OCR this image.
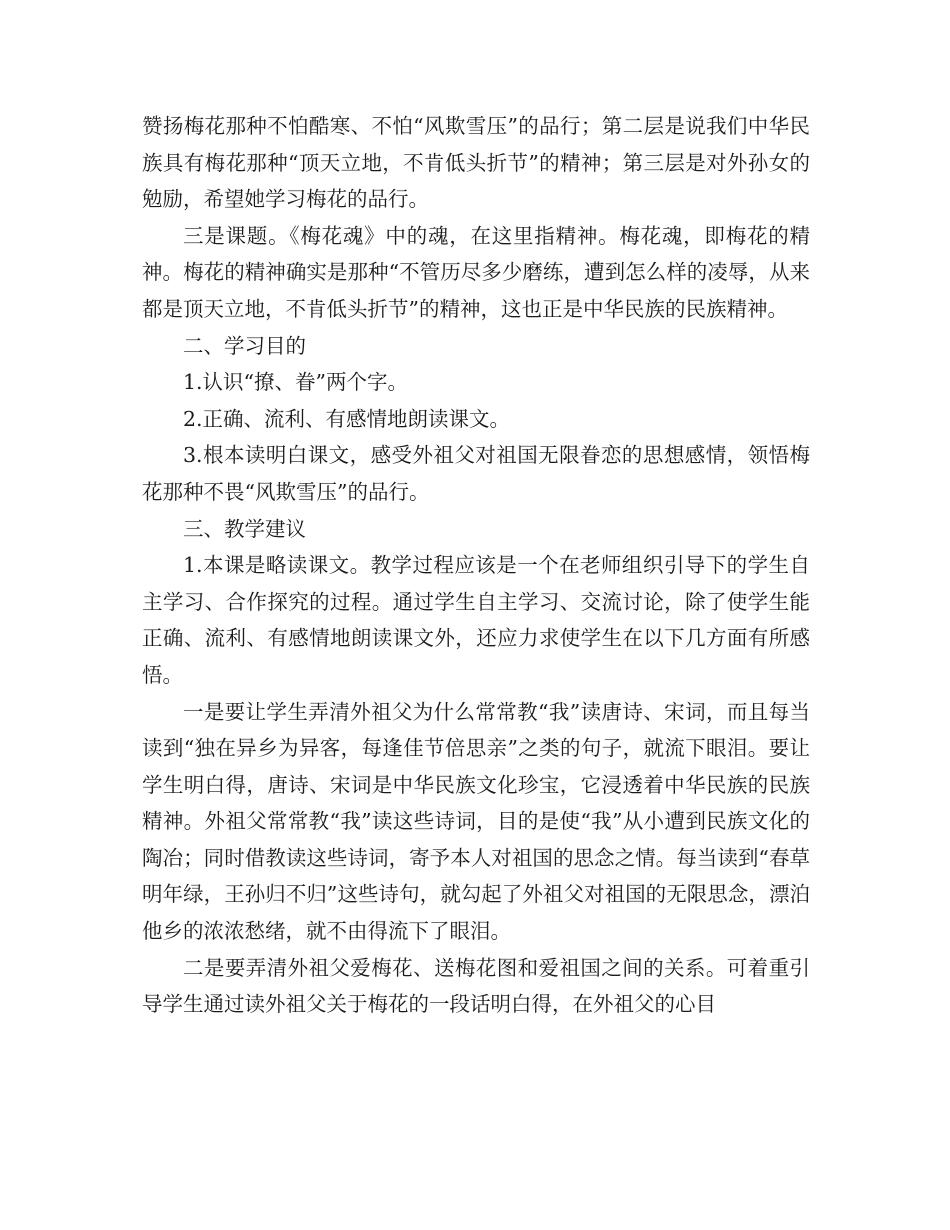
赞扬梅花那种不怕酷寒、不怕“风欺雪压”的品行；第二层是说我们中华民族具有梅花那种“顶天立地，不肯低头折节”的精神；第三层是对外孙女的勉励，希望她学习梅花的品行。

三是课题。《梅花魂》中的魂，在这里指精神。梅花魂，即梅花的精神。梅花的精神确实是那种“不管历尽多少磨练，遭到怎么样的凌辱，从来都是顶天立地，不肯低头折节”的精神，这也正是中华民族的民族精神。

二、学习目的

1.认识“撩、眷”两个字。

2.正确、流利、有感情地朗读课文。

3.根本读明白课文，感受外祖父对祖国无限眷恋的思想感情，领悟梅花那种不畏“风欺雪压”的品行。

三、教学建议

1.本课是略读课文。教学过程应该是一个在老师组织引导下的学生自主学习、合作探究的过程。通过学生自主学习、交流讨论，除了使学生能正确、流利、有感情地朗读课文外，还应力求使学生在以下几方面有所感悟。

一是要让学生弄清外祖父为什么常常教“我”读唐诗、宋词，而且每当读到“独在异乡为异客，每逢佳节倍思亲”之类的句子，就流下眼泪。要让学生明白得，唐诗、宋词是中华民族文化珍宝，它浸透着中华民族的民族精神。外祖父常常教“我”读这些诗词，目的是使“我”从小遭到民族文化的陶冶；同时借教读这些诗词，寄予本人对祖国的思念之情。每当读到“春草明年绿，王孙归不归”这些诗句，就勾起了外祖父对祖国的无限思念，漂泊他乡的浓浓愁绪，就不由得流下了眼泪。

二是要弄清外祖父爱梅花、送梅花图和爱祖国之间的关系。可着重引导学生通过读外祖父关于梅花的一段话明白得，在外祖父的心目
